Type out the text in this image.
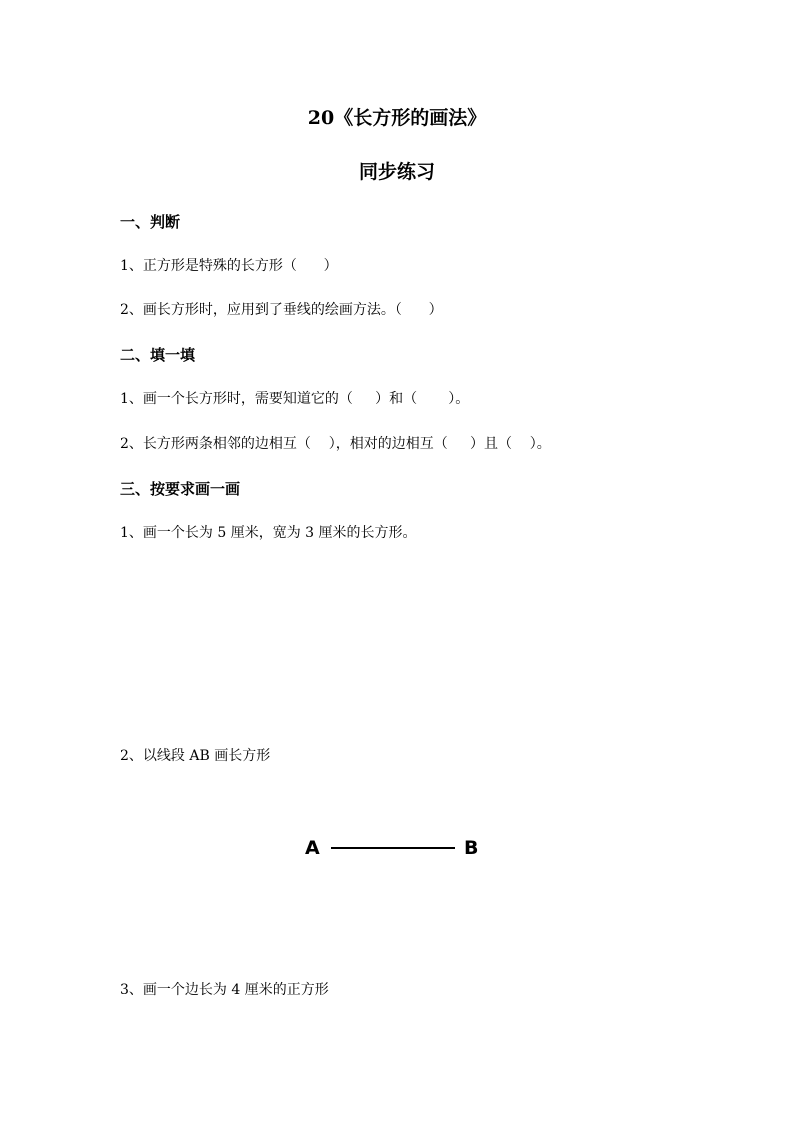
20《长方形的画法》
同步练习
一、判断
1、正方形是特殊的长方形（      ）
2、画长方形时，应用到了垂线的绘画方法。（      ）
二、填一填
1、画一个长方形时，需要知道它的（     ）和（       ）。
2、长方形两条相邻的边相互（    ），相对的边相互（     ）且（    ）。
三、按要求画一画
1、画一个长为 5 厘米，宽为 3 厘米的长方形。
2、以线段 AB 画长方形
A	B
3、画一个边长为 4 厘米的正方形
